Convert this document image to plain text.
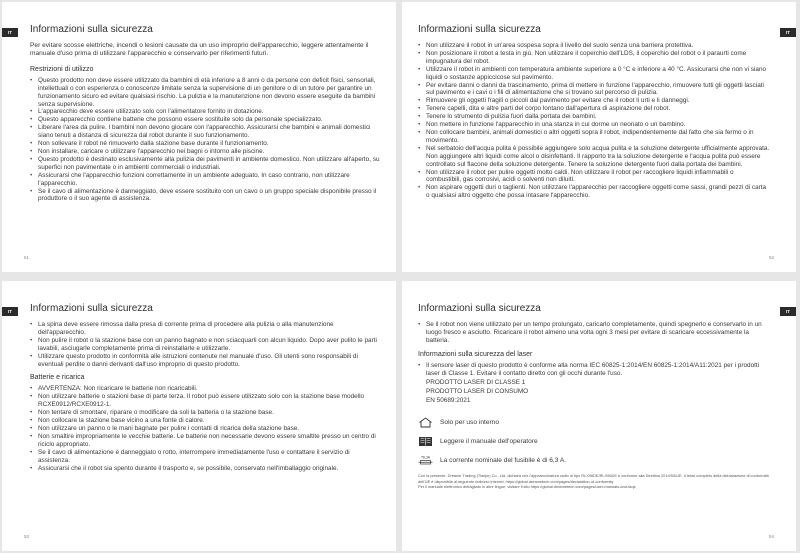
IT	Informazioni sulla sicurezza

Per evitare scosse elettriche, incendi o lesioni causate da un uso improprio dell'apparecchio, leggere attentamente il manuale d'uso prima di utilizzare l'apparecchio e conservarlo per riferimenti futuri.

Restrizioni di utilizzo
• Questo prodotto non deve essere utilizzato da bambini di età inferiore a 8 anni o da persone con deficit fisici, sensoriali, intellettuali o con esperienza o conoscenze limitate senza la supervisione di un genitore o di un tutore per garantire un funzionamento sicuro ed evitare qualsiasi rischio. La pulizia e la manutenzione non devono essere eseguite da bambini senza supervisione.
• L'apparecchio deve essere utilizzato solo con l'alimentatore fornito in dotazione.
• Questo apparecchio contiene batterie che possono essere sostituite solo da personale specializzato.
• Liberare l'area da pulire. I bambini non devono giocare con l'apparecchio. Assicurarsi che bambini e animali domestici siano tenuti a distanza di sicurezza dal robot durante il suo funzionamento.
• Non sollevare il robot né rimuoverlo dalla stazione base durante il funzionamento.
• Non installare, caricare o utilizzare l'apparecchio nei bagni o intorno alle piscine.
• Questo prodotto è destinato esclusivamente alla pulizia dei pavimenti in ambiente domestico. Non utilizzare all'aperto, su superfici non pavimentate o in ambienti commerciali o industriali.
• Assicurarsi che l'apparecchio funzioni correttamente in un ambiente adeguato. In caso contrario, non utilizzare l'apparecchio.
• Se il cavo di alimentazione è danneggiato, deve essere sostituito con un cavo o un gruppo speciale disponibile presso il produttore o il suo agente di assistenza.
51
IT
Informazioni sulla sicurezza
• Non utilizzare il robot in un'area sospesa sopra il livello del suolo senza una barriera protettiva.
• Non posizionare il robot a testa in giù. Non utilizzare il coperchio dell'LDS, il coperchio del robot o il paraurti come impugnatura del robot.
• Utilizzare il robot in ambienti con temperatura ambiente superiore a 0 °C e inferiore a 40 °C. Assicurarsi che non vi siano liquidi o sostanze appiccicose sul pavimento.
• Per evitare danni o danni da trascinamento, prima di mettere in funzione l'apparecchio, rimuovere tutti gli oggetti lasciati sul pavimento e i cavi o i fili di alimentazione che si trovano sul percorso di pulizia.
• Rimuovere gli oggetti fragili o piccoli dal pavimento per evitare che il robot li urti e li danneggi.
• Tenere capelli, dita e altre parti del corpo lontano dall'apertura di aspirazione del robot.
• Tenere lo strumento di pulizia fuori dalla portata dei bambini.
• Non mettere in funzione l'apparecchio in una stanza in cui dorme un neonato o un bambino.
• Non collocare bambini, animali domestici o altri oggetti sopra il robot, indipendentemente dal fatto che sia fermo o in movimento.
• Nel serbatoio dell'acqua pulita è possibile aggiungere solo acqua pulita e la soluzione detergente ufficialmente approvata. Non aggiungere altri liquidi come alcol o disinfettanti. Il rapporto tra la soluzione detergente e l'acqua pulita può essere controllato sul flacone della soluzione detergente. Tenere la soluzione detergente fuori dalla portata dei bambini.
• Non utilizzare il robot per pulire oggetti molto caldi. Non utilizzare il robot per raccogliere liquidi infiammabili o combustibili, gas corrosivi, acidi o solventi non diluiti.
• Non aspirare oggetti duri o taglienti. Non utilizzare l'apparecchio per raccogliere oggetti come sassi, grandi pezzi di carta o qualsiasi altro oggetto che possa intasare l'apparecchio.
52
IT	Informazioni sulla sicurezza
• La spina deve essere rimossa dalla presa di corrente prima di procedere alla pulizia o alla manutenzione dell'apparecchio.
• Non pulire il robot o la stazione base con un panno bagnato e non sciacquarli con alcun liquido. Dopo aver pulito le parti lavabili, asciugarle completamente prima di reinstallarle e utilizzarle.
• Utilizzare questo prodotto in conformità alle istruzioni contenute nel manuale d'uso. Gli utenti sono responsabili di eventuali perdite o danni derivanti dall'uso improprio di questo prodotto.
Batterie e ricarica
• AVVERTENZA: Non ricaricare le batterie non ricaricabili.
• Non utilizzare batterie o stazioni base di parte terza. Il robot può essere utilizzato solo con la stazione base modello RCXE0912/RCXE0912-1.
• Non tentare di smontare, riparare o modificare da soli la batteria o la stazione base.
• Non collocare la stazione base vicino a una fonte di calore.
• Non utilizzare un panno o le mani bagnate per pulire i contatti di ricarica della stazione base.
• Non smaltire impropriamente le vecchie batterie. Le batterie non necessarie devono essere smaltite presso un centro di riciclo appropriato.
• Se il cavo di alimentazione è danneggiato o rotto, interrompere immediatamente l'uso e contattare il servizio di assistenza.
• Assicurarsi che il robot sia spento durante il trasporto e, se possibile, conservato nell'imballaggio originale.
53
IT
Informazioni sulla sicurezza
• Se il robot non viene utilizzato per un tempo prolungato, caricarlo completamente, quindi spegnerlo e conservarlo in un luogo fresco e asciutto. Ricaricare il robot almeno una volta ogni 3 mesi per evitare di scaricare eccessivamente la batteria.
Informazioni sulla sicurezza del laser
• Il sensore laser di questo prodotto è conforme alla norma IEC 60825-1:2014/EN 60825-1:2014/A11:2021 per i prodotti laser di Classe 1. Evitare il contatto diretto con gli occhi durante l'uso.
PRODOTTO LASER DI CLASSE 1
PRODOTTO LASER DI CONSUMO
EN 50689:2021
Solo per uso interno
Leggere il manuale dell'operatore
T6,3A La corrente nominale del fusibile è di 6,3 A.

Con la presente, Dreame Trading (Tianjin) Co., Ltd. dichiara che l'apparecchiatura radio di tipo RLX96DE/RLX96DE è conforme alla Direttiva 2014/53/UE. Il testo completo della dichiarazione di conformità dell'UE è disponibile al seguente indirizzo internet: https://global.dreametech.com/pages/declaration-of-conformity

Per il manuale elettronico dettagliato in altre lingue, visitare il sito https://global.dreametech.com/pages/user-manuals-and-faqs

54
